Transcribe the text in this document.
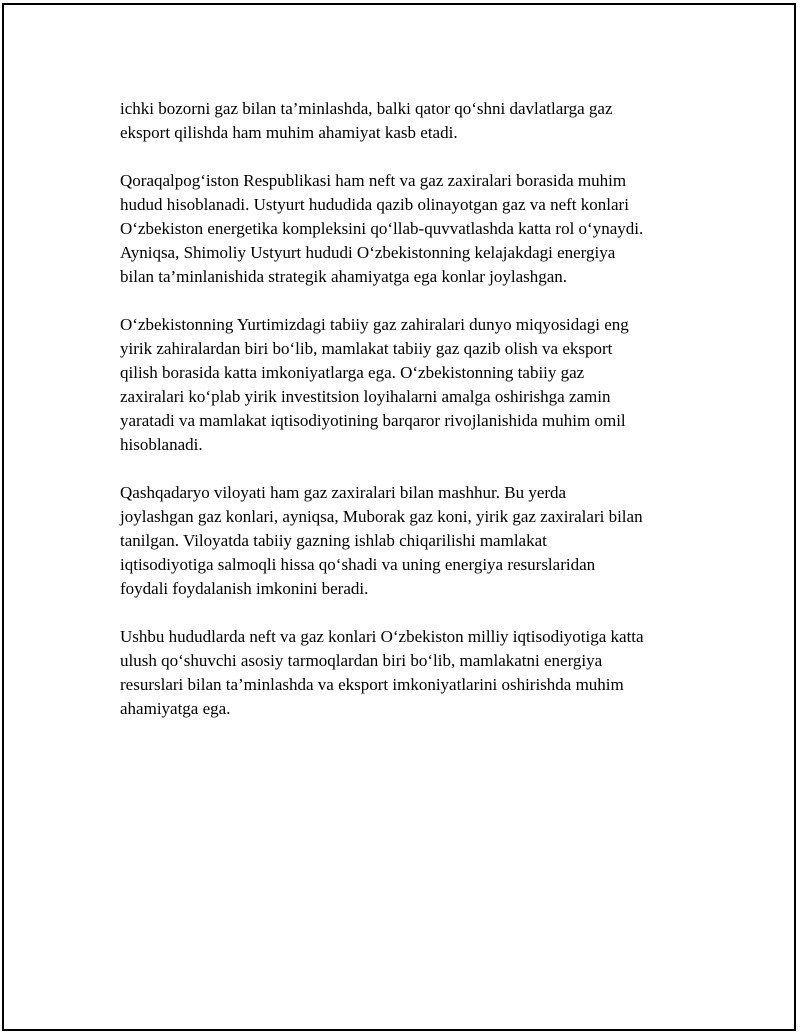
ichki bozorni gaz bilan ta’minlashda, balki qator qo‘shni davlatlarga gaz
eksport qilishda ham muhim ahamiyat kasb etadi.

Qoraqalpog‘iston Respublikasi ham neft va gaz zaxiralari borasida muhim
hudud hisoblanadi. Ustyurt hududida qazib olinayotgan gaz va neft konlari
O‘zbekiston energetika kompleksini qo‘llab-quvvatlashda katta rol o‘ynaydi.
Ayniqsa, Shimoliy Ustyurt hududi O‘zbekistonning kelajakdagi energiya
bilan ta’minlanishida strategik ahamiyatga ega konlar joylashgan.

O‘zbekistonning Yurtimizdagi tabiiy gaz zahiralari dunyo miqyosidagi eng
yirik zahiralardan biri bo‘lib, mamlakat tabiiy gaz qazib olish va eksport
qilish borasida katta imkoniyatlarga ega. O‘zbekistonning tabiiy gaz
zaxiralari ko‘plab yirik investitsion loyihalarni amalga oshirishga zamin
yaratadi va mamlakat iqtisodiyotining barqaror rivojlanishida muhim omil
hisoblanadi.

Qashqadaryo viloyati ham gaz zaxiralari bilan mashhur. Bu yerda
joylashgan gaz konlari, ayniqsa, Muborak gaz koni, yirik gaz zaxiralari bilan
tanilgan. Viloyatda tabiiy gazning ishlab chiqarilishi mamlakat
iqtisodiyotiga salmoqli hissa qo‘shadi va uning energiya resurslaridan
foydali foydalanish imkonini beradi.

Ushbu hududlarda neft va gaz konlari O‘zbekiston milliy iqtisodiyotiga katta
ulush qo‘shuvchi asosiy tarmoqlardan biri bo‘lib, mamlakatni energiya
resurslari bilan ta’minlashda va eksport imkoniyatlarini oshirishda muhim
ahamiyatga ega.
